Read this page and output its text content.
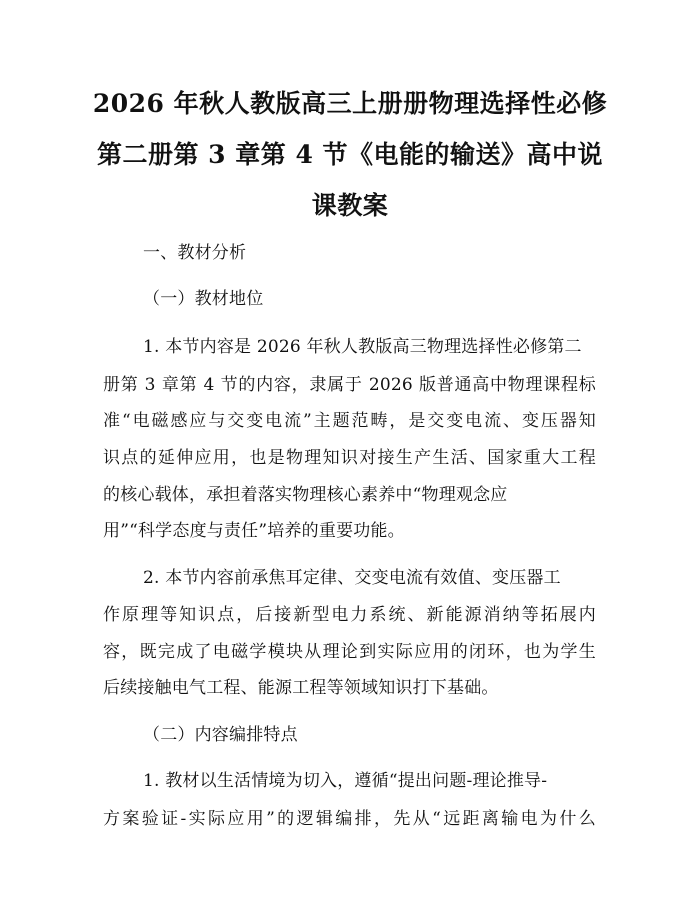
2026 年秋人教版高三上册册物理选择性必修
第二册第 3 章第 4 节《电能的输送》高中说
课教案
一、教材分析
（一）教材地位
1. 本节内容是 2026 年秋人教版高三物理选择性必修第二
册第 3 章第 4 节的内容，隶属于 2026 版普通高中物理课程标
准“电磁感应与交变电流”主题范畴，是交变电流、变压器知
识点的延伸应用，也是物理知识对接生产生活、国家重大工程
的核心载体，承担着落实物理核心素养中“物理观念应
用”“科学态度与责任”培养的重要功能。
2. 本节内容前承焦耳定律、交变电流有效值、变压器工
作原理等知识点，后接新型电力系统、新能源消纳等拓展内
容，既完成了电磁学模块从理论到实际应用的闭环，也为学生
后续接触电气工程、能源工程等领域知识打下基础。
（二）内容编排特点
1. 教材以生活情境为切入，遵循“提出问题-理论推导-
方案验证-实际应用”的逻辑编排，先从“远距离输电为什么
